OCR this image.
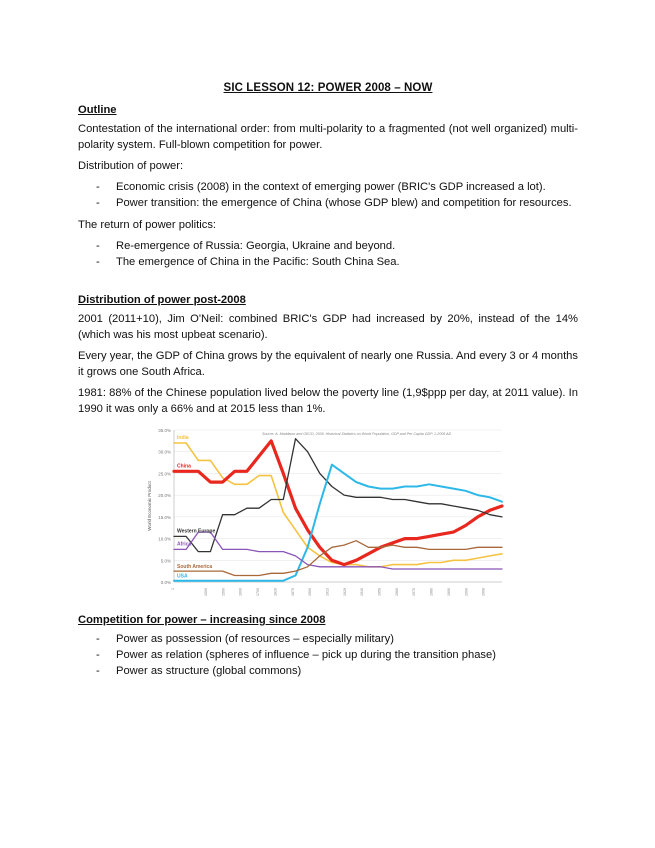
SIC LESSON 12: POWER 2008 – NOW
Outline

Contestation of the international order: from multi-polarity to a fragmented (not well organized) multi-polarity system. Full-blown competition for power.

Distribution of power:

- Economic crisis (2008) in the context of emerging power (BRIC's GDP increased a lot).
- Power transition: the emergence of China (whose GDP blew) and competition for resources.

The return of power politics:

- Re-emergence of Russia: Georgia, Ukraine and beyond.
- The emergence of China in the Pacific: South China Sea.
Distribution of power post-2008

2001 (2011+10), Jim O'Neil: combined BRIC's GDP had increased by 20%, instead of the 14% (which was his most upbeat scenario).

Every year, the GDP of China grows by the equivalent of nearly one Russia. And every 3 or 4 months it grows one South Africa.

1981: 88% of the Chinese population lived below the poverty line (1,9$ppp per day, at 2011 value). In 1990 it was only a 66% and at 2015 less than 1%.

0.0%
5.0%
10.0%
15.0%
20.0%
25.0%
30.0%
35.0%
World Economic Product
Source: A. Maddison and OECD, 2009. Historical Statistics on World Population, GDP and Per Capita GDP, 1-2008 AD
1	1000	1500	1600	1700	1820	1870	1900	1913	1929	1940	1950	1960	1970	1980	1990	2000	2008
India
China
Western Europe
USA
Africa
South America
Competition for power – increasing since 2008
- Power as possession (of resources – especially military)
- Power as relation (spheres of influence – pick up during the transition phase)
- Power as structure (global commons)
